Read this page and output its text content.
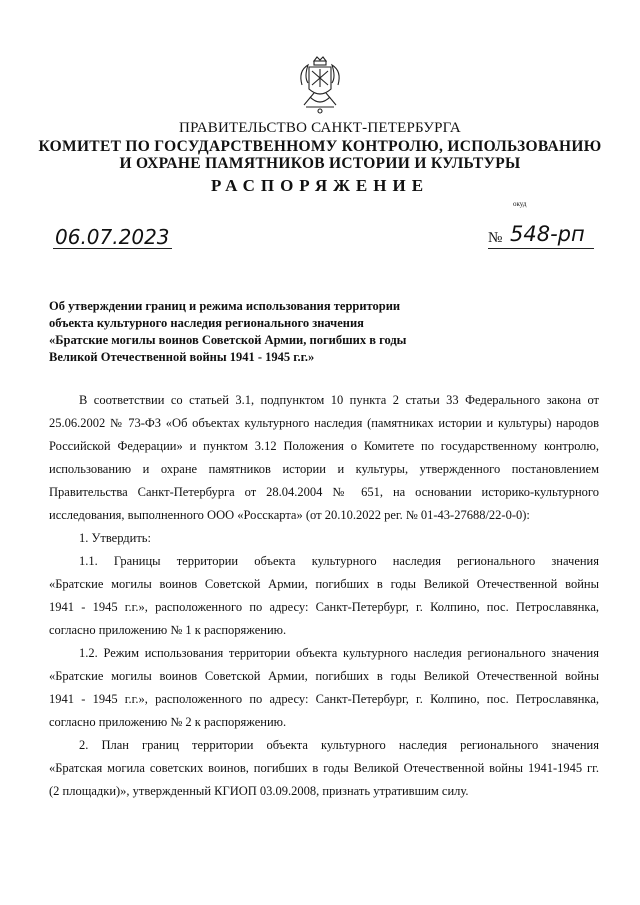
ПРАВИТЕЛЬСТВО САНКТ-ПЕТЕРБУРГА
КОМИТЕТ ПО ГОСУДАРСТВЕННОМУ КОНТРОЛЮ, ИСПОЛЬЗОВАНИЮ
И ОХРАНЕ ПАМЯТНИКОВ ИСТОРИИ И КУЛЬТУРЫ
РАСПОРЯЖЕНИЕ
окуд
06.07.2023	№ 548-рп
Об утверждении границ и режима использования территории
объекта культурного наследия регионального значения
«Братские могилы воинов Советской Армии, погибших в годы
Великой Отечественной войны 1941 - 1945 г.г.»
В соответствии со статьей 3.1, подпунктом 10 пункта 2 статьи 33 Федерального закона от
25.06.2002 № 73-ФЗ «Об объектах культурного наследия (памятниках истории и культуры) народов
Российской Федерации» и пунктом 3.12 Положения о Комитете по государственному контролю,
использованию и охране памятников истории и культуры, утвержденного постановлением
Правительства Санкт-Петербурга от 28.04.2004 № 651, на основании историко-культурного
исследования, выполненного ООО «Росскарта» (от 20.10.2022 рег. № 01-43-27688/22-0-0):
1. Утвердить:
1.1. Границы территории объекта культурного наследия регионального значения
«Братские могилы воинов Советской Армии, погибших в годы Великой Отечественной войны
1941 - 1945 г.г.», расположенного по адресу: Санкт-Петербург, г. Колпино, пос. Петрославянка,
согласно приложению № 1 к распоряжению.
1.2. Режим использования территории объекта культурного наследия регионального значения
«Братские могилы воинов Советской Армии, погибших в годы Великой Отечественной войны
1941 - 1945 г.г.», расположенного по адресу: Санкт-Петербург, г. Колпино, пос. Петрославянка,
согласно приложению № 2 к распоряжению.
2. План границ территории объекта культурного наследия регионального значения
«Братская могила советских воинов, погибших в годы Великой Отечественной войны 1941-1945 гг.
(2 площадки)», утвержденный КГИОП 03.09.2008, признать утратившим силу.
